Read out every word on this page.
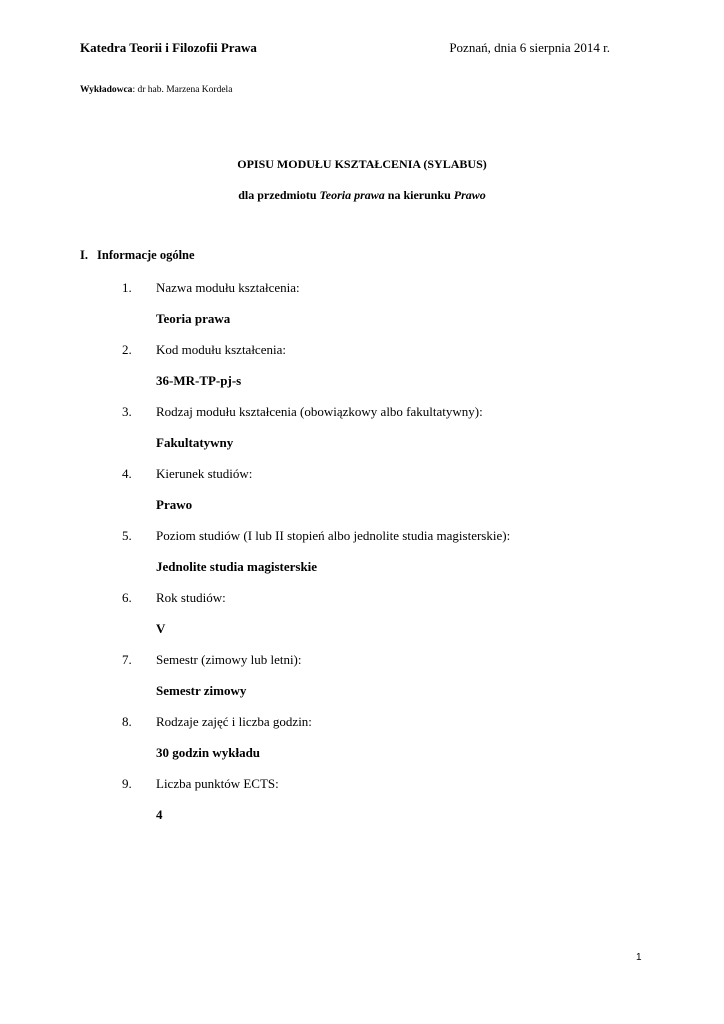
Katedra Teorii i Filozofii Prawa	Poznań, dnia 6 sierpnia 2014 r.
Wykładowca: dr hab. Marzena Kordela
OPISU MODUŁU KSZTAŁCENIA (SYLABUS)
dla przedmiotu Teoria prawa na kierunku Prawo
I. Informacje ogólne
1. Nazwa modułu kształcenia:
Teoria prawa
2. Kod modułu kształcenia:
36-MR-TP-pj-s
3. Rodzaj modułu kształcenia (obowiązkowy albo fakultatywny):
Fakultatywny
4. Kierunek studiów:
Prawo
5. Poziom studiów (I lub II stopień albo jednolite studia magisterskie):
Jednolite studia magisterskie
6. Rok studiów:
V
7. Semestr (zimowy lub letni):
Semestr zimowy
8. Rodzaje zajęć i liczba godzin:
30 godzin wykładu
9. Liczba punktów ECTS:
4
1
